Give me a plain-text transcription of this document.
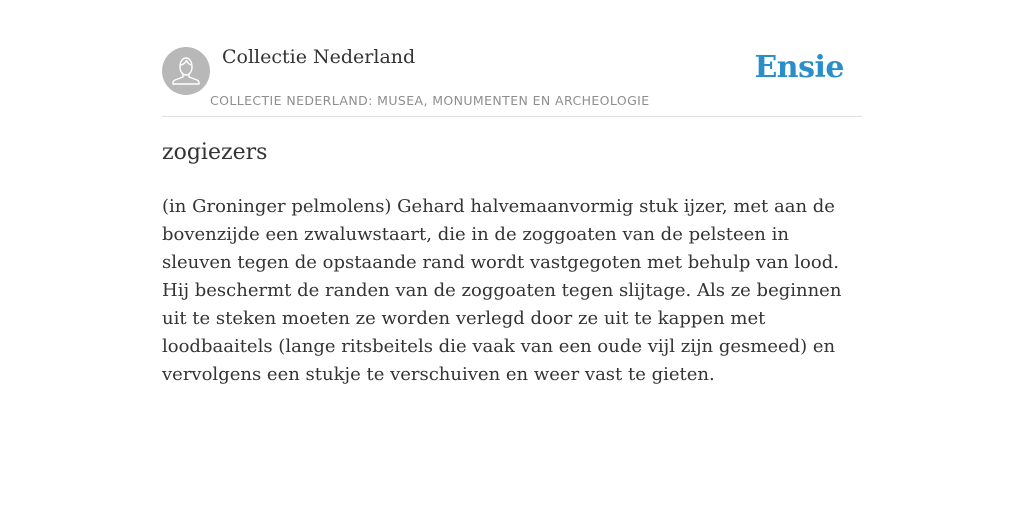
Collectie Nederland
COLLECTIE NEDERLAND: MUSEA, MONUMENTEN EN ARCHEOLOGIE
Ensie
zogiezers

(in Groninger pelmolens) Gehard halvemaanvormig stuk ijzer, met aan de bovenzijde een zwaluwstaart, die in de zoggoaten van de pelsteen in sleuven tegen de opstaande rand wordt vastgegoten met behulp van lood. Hij beschermt de randen van de zoggoaten tegen slijtage. Als ze beginnen uit te steken moeten ze worden verlegd door ze uit te kappen met loodbaaitels (lange ritsbeitels die vaak van een oude vijl zijn gesmeed) en vervolgens een stukje te verschuiven en weer vast te gieten.
